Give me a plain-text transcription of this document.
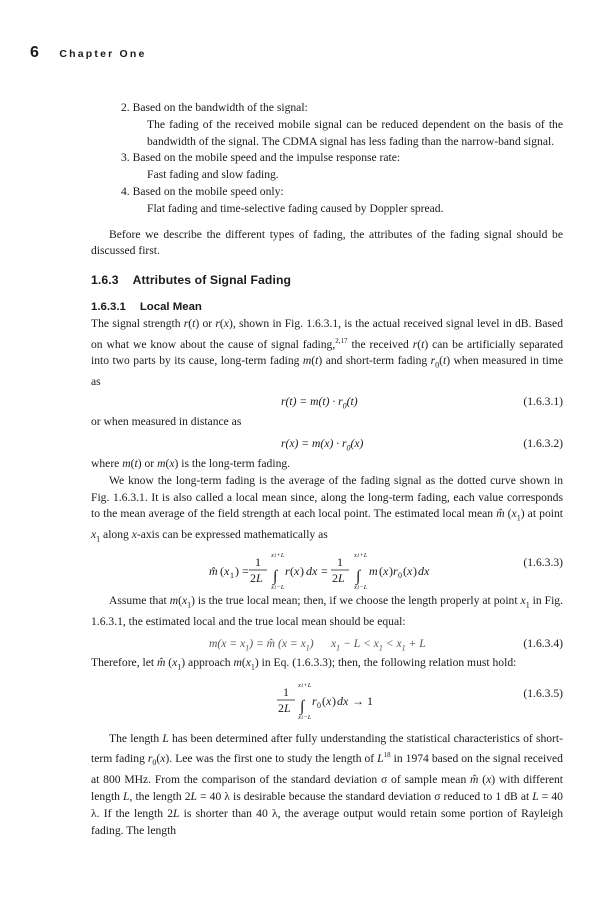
6 Chapter One
2. Based on the bandwidth of the signal:
The fading of the received mobile signal can be reduced dependent on the basis of the bandwidth of the signal. The CDMA signal has less fading than the narrow-band signal.
3. Based on the mobile speed and the impulse response rate:
Fast fading and slow fading.
4. Based on the mobile speed only:
Flat fading and time-selective fading caused by Doppler spread.

Before we describe the different types of fading, the attributes of the fading signal should be discussed first.

1.6.3 Attributes of Signal Fading
1.6.3.1 Local Mean

The signal strength r(t) or r(x), shown in Fig. 1.6.3.1, is the actual received signal level in dB. Based on what we know about the cause of signal fading,$^{2,17}$ the received r(t) can be artificially separated into two parts by its cause, long-term fading m(t) and short-term fading $r_0(t)$ when measured in time as

$r(t) = m(t) \cdot r_0(t)$	(1.6.3.1)

or when measured in distance as

$r(x) = m(x) \cdot r_0(x)$	(1.6.3.2)

where m(t) or m(x) is the long-term fading.

We know the long-term fading is the average of the fading signal as the dotted curve shown in Fig. 1.6.3.1. It is also called a local mean since, along the long-term fading, each value corresponds to the mean average of the field strength at each local point. The estimated local mean m̂ $(x_1)$ at point $x_1$ along x-axis can be expressed mathematically as

m̂ ( x 1 ) =
1
2L
x1+L
∫
x1−L
r ( x ) dx =
1
2L
x1+L
∫
x1−L
m ( x ) r 0 ( x ) dx
(1.6.3.3)

Assume that $m(x_1)$ is the true local mean; then, if we choose the length properly at point $x_1$ in Fig. 1.6.3.1, the estimated local and the true local mean should be equal:

$m(x = x_1)$ = m̂ $(x = x_1)$      $x_1 - L < x_1 < x_1 + L$	(1.6.3.4)

Therefore, let m̂ $(x_1)$ approach $m(x_1)$ in Eq. (1.6.3.3); then, the following relation must hold:

1
2L
x1+L
∫
x1−L
r 0 ( x ) dx → 1
(1.6.3.5)

The length L has been determined after fully understanding the statistical characteristics of short-term fading $r_0(x)$. Lee was the first one to study the length of $L^{18}$ in 1974 based on the signal received at 800 MHz. From the comparison of the standard deviation σ of sample mean m̂ (x) with different length L, the length 2L = 40 λ is desirable because the standard deviation σ reduced to 1 dB at L = 40 λ. If the length 2L is shorter than 40 λ, the average output would retain some portion of Rayleigh fading. The length
